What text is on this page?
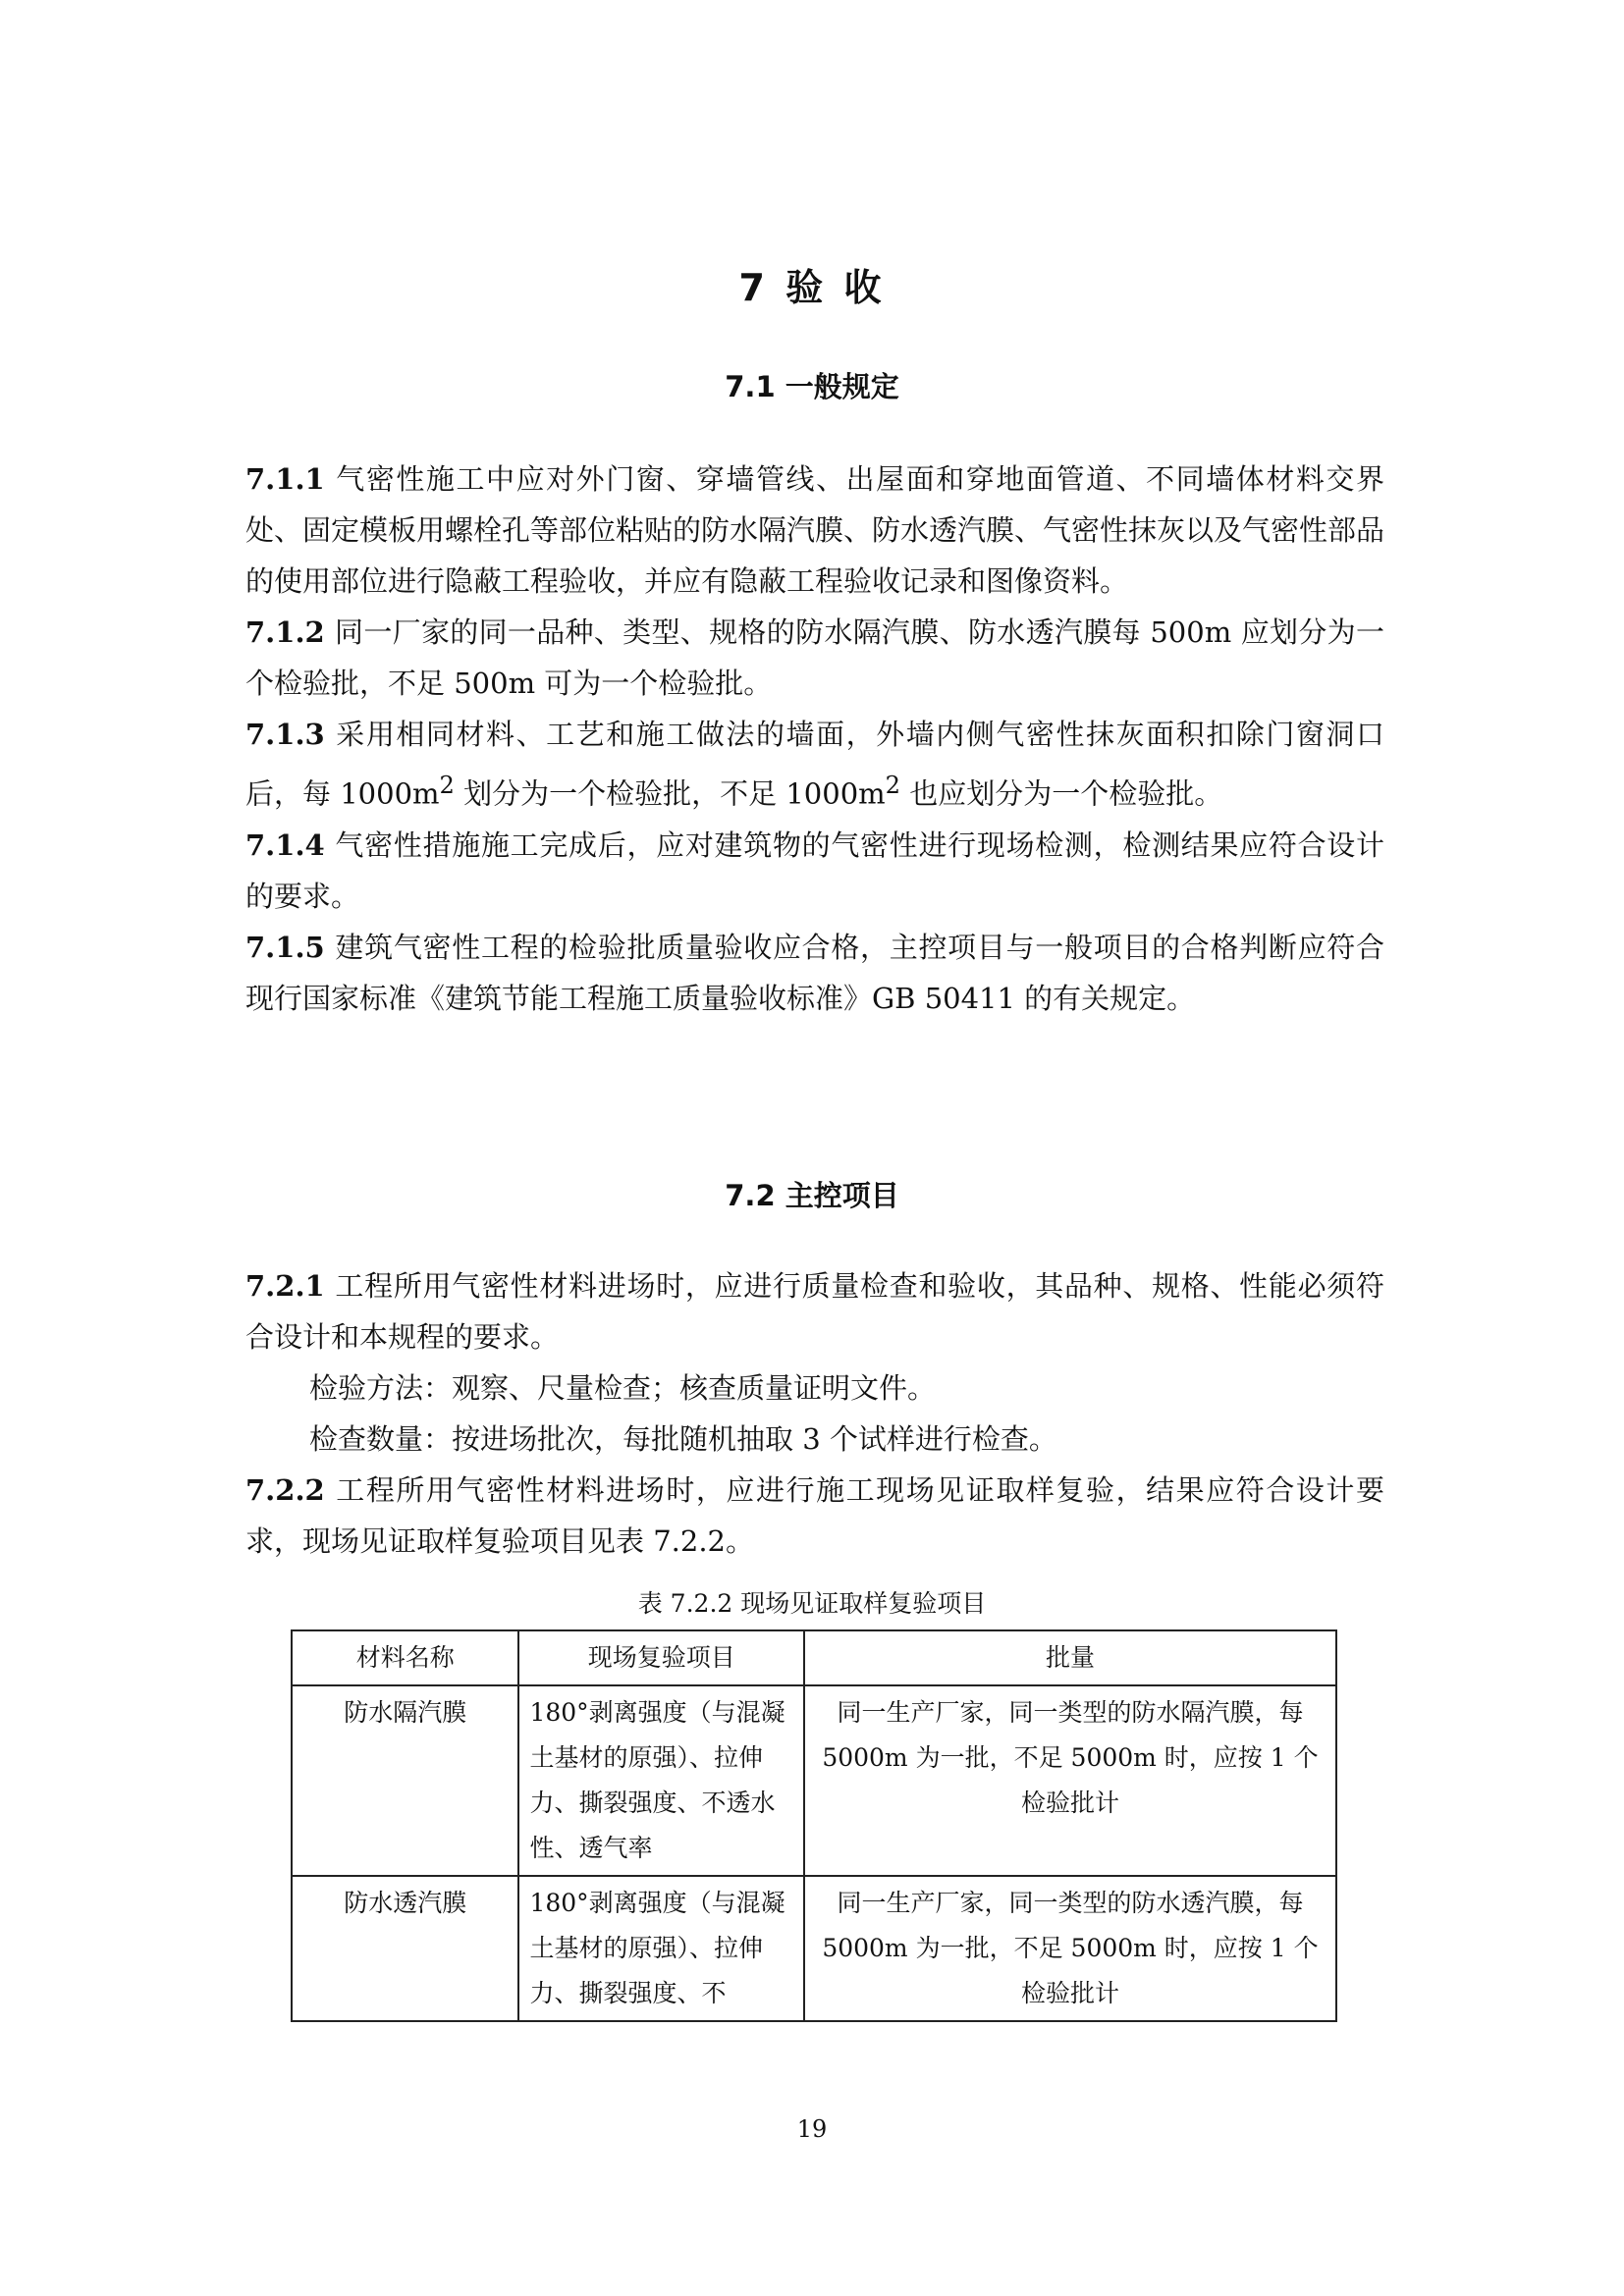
7 验 收
7.1 一般规定

7.1.1 气密性施工中应对外门窗、穿墙管线、出屋面和穿地面管道、不同墙体材料交界处、固定模板用螺栓孔等部位粘贴的防水隔汽膜、防水透汽膜、气密性抹灰以及气密性部品的使用部位进行隐蔽工程验收，并应有隐蔽工程验收记录和图像资料。

7.1.2 同一厂家的同一品种、类型、规格的防水隔汽膜、防水透汽膜每 500m 应划分为一个检验批，不足 500m 可为一个检验批。

7.1.3 采用相同材料、工艺和施工做法的墙面，外墙内侧气密性抹灰面积扣除门窗洞口后，每 $1000m^2$ 划分为一个检验批，不足 $1000m^2$ 也应划分为一个检验批。

7.1.4 气密性措施施工完成后，应对建筑物的气密性进行现场检测，检测结果应符合设计的要求。

7.1.5 建筑气密性工程的检验批质量验收应合格，主控项目与一般项目的合格判断应符合现行国家标准《建筑节能工程施工质量验收标准》GB 50411 的有关规定。

7.2 主控项目

7.2.1 工程所用气密性材料进场时，应进行质量检查和验收，其品种、规格、性能必须符合设计和本规程的要求。

检验方法：观察、尺量检查；核查质量证明文件。

检查数量：按进场批次，每批随机抽取 3 个试样进行检查。

7.2.2 工程所用气密性材料进场时，应进行施工现场见证取样复验，结果应符合设计要求，现场见证取样复验项目见表 7.2.2。

表 7.2.2 现场见证取样复验项目
材料名称	现场复验项目	批量
防水隔汽膜	180°剥离强度（与混凝土基材的原强）、拉伸力、撕裂强度、不透水性、透气率	同一生产厂家，同一类型的防水隔汽膜，每 5000m 为一批，不足 5000m 时，应按 1 个检验批计
防水透汽膜	180°剥离强度（与混凝土基材的原强）、拉伸力、撕裂强度、不	同一生产厂家，同一类型的防水透汽膜，每 5000m 为一批，不足 5000m 时，应按 1 个检验批计
19
